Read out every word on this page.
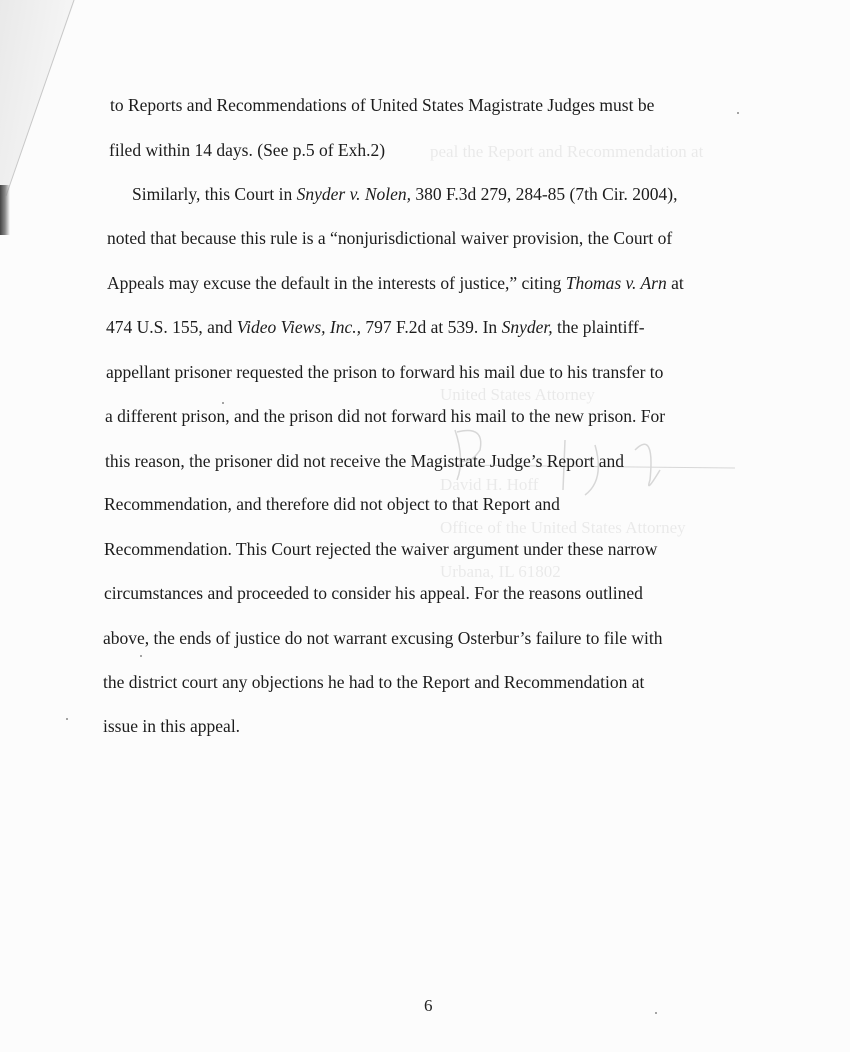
peal the Report and Recommendation at
United States Attorney
David H. Hoff
Office of the United States Attorney
Urbana, IL 61802
to Reports and Recommendations of United States Magistrate Judges must be
filed within 14 days. (See p.5 of Exh.2)
Similarly, this Court in Snyder v. Nolen, 380 F.3d 279, 284-85 (7th Cir. 2004),
noted that because this rule is a “nonjurisdictional waiver provision, the Court of
Appeals may excuse the default in the interests of justice,” citing Thomas v. Arn at
474 U.S. 155, and Video Views, Inc., 797 F.2d at 539. In Snyder, the plaintiff-
appellant prisoner requested the prison to forward his mail due to his transfer to
a different prison, and the prison did not forward his mail to the new prison. For
this reason, the prisoner did not receive the Magistrate Judge’s Report and
Recommendation, and therefore did not object to that Report and
Recommendation. This Court rejected the waiver argument under these narrow
circumstances and proceeded to consider his appeal. For the reasons outlined
above, the ends of justice do not warrant excusing Osterbur’s failure to file with
the district court any objections he had to the Report and Recommendation at
issue in this appeal.
6
